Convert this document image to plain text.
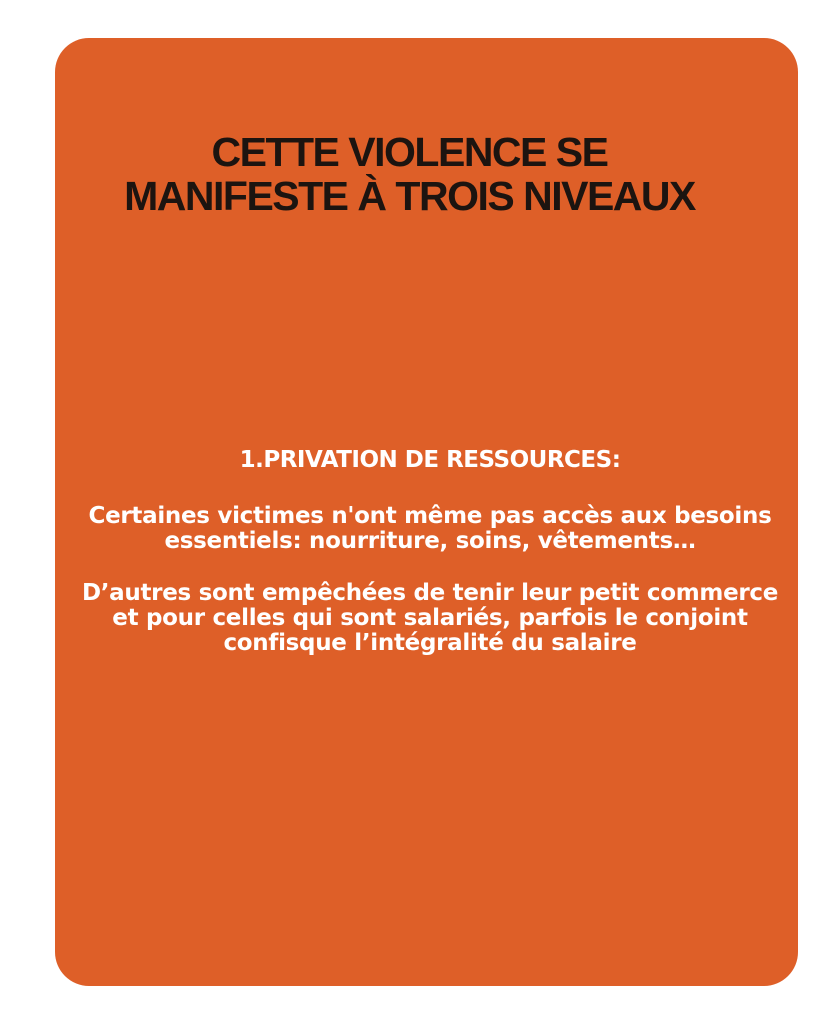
CETTE VIOLENCE SE
MANIFESTE À TROIS NIVEAUX

1.PRIVATION DE RESSOURCES:

Certaines victimes n'ont même pas accès aux besoins essentiels: nourriture, soins, vêtements…

D’autres sont empêchées de tenir leur petit commerce et pour celles qui sont salariés, parfois le conjoint confisque l’intégralité du salaire
